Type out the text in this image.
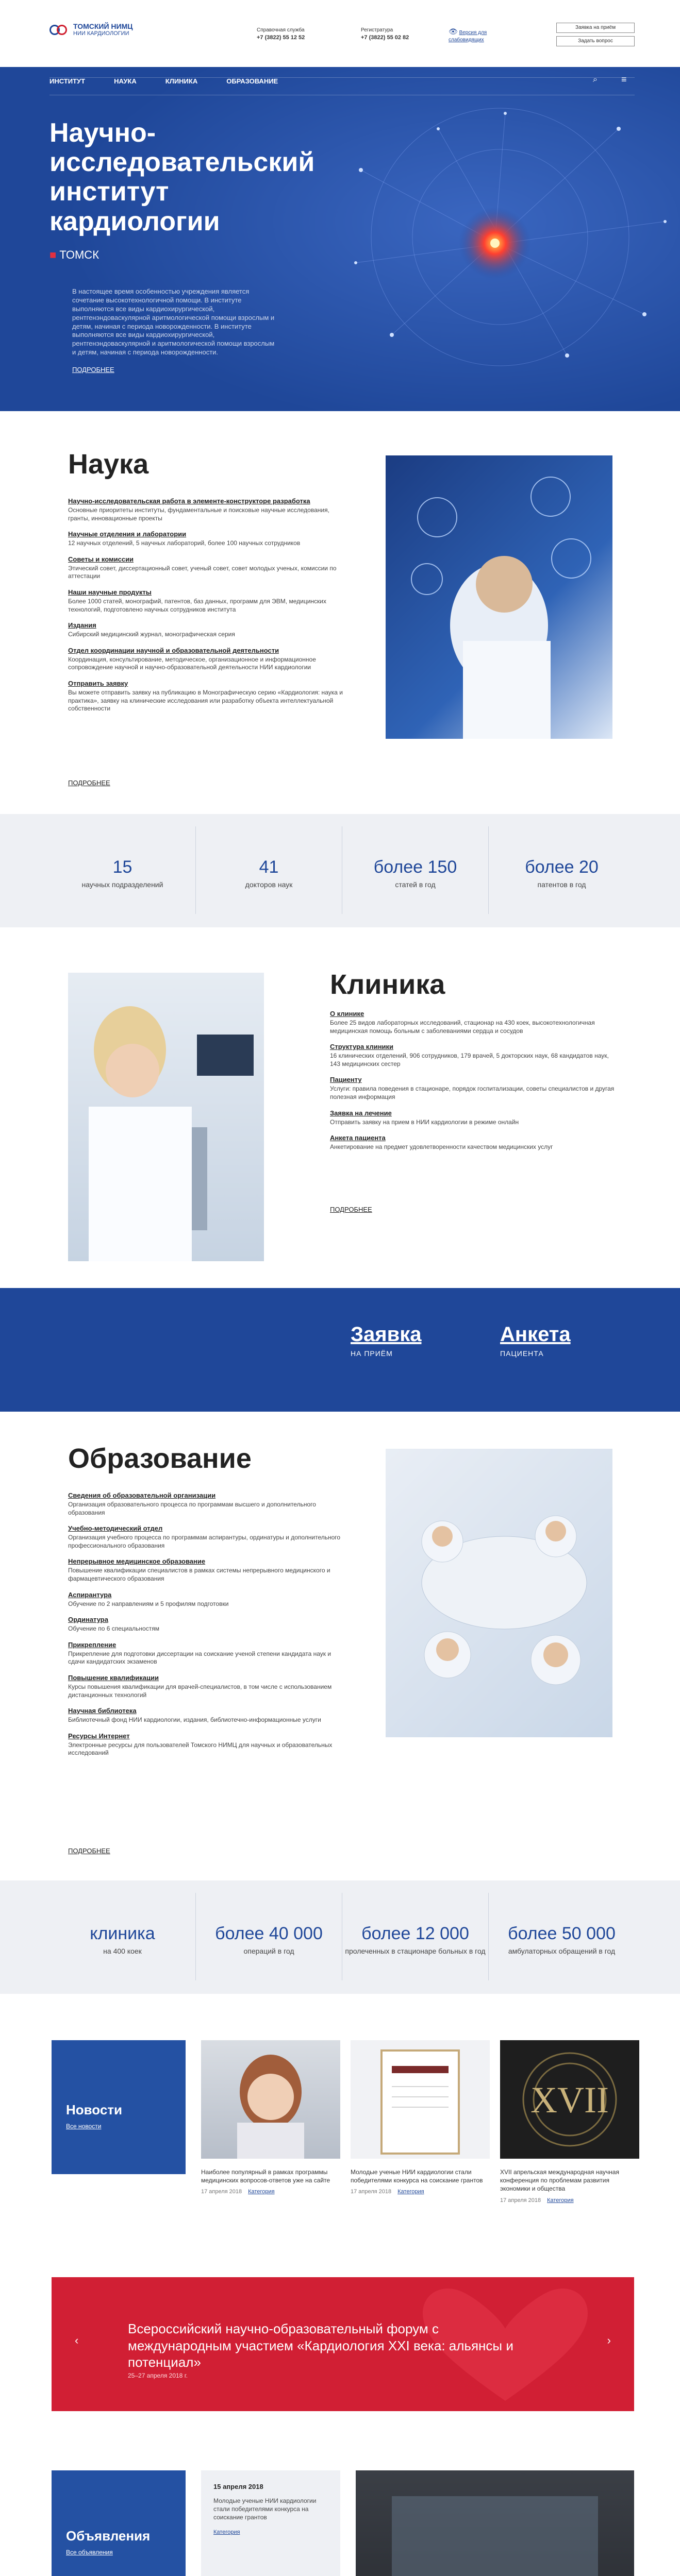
ТОМСКИЙ НИМЦ
НИИ КАРДИОЛОГИИ
Справочная служба
+7 (3822) 55 12 52
Регистратура
+7 (3822) 55 02 82
👁 Версия для слабовидящих
Заявка на приём
Задать вопрос
ИНСТИТУТ	НАУКА	КЛИНИКА	ОБРАЗОВАНИЕ	⌕	≡
Научно-исследовательский институт кардиологии
■ ТОМСК
В настоящее время особенностью учреждения является сочетание высокотехнологичной помощи. В институте выполняются все виды кардиохирургической, рентгенэндоваскулярной аритмологической помощи взрослым и детям, начиная с периода новорожденности. В институте выполняются все виды кардиохирургической, рентгенэндоваскулярной и аритмологической помощи взрослым и детям, начиная с периода новорожденности.
ПОДРОБНЕЕ
Наука
Научно-исследовательская работа в элементе-конструкторе разработка
Основные приоритеты институты, фундаментальные и поисковые научные исследования, гранты, инновационные проекты
Научные отделения и лаборатории
12 научных отделений, 5 научных лабораторий, более 100 научных сотрудников
Советы и комиссии
Этический совет, диссертационный совет, ученый совет, совет молодых ученых, комиссии по аттестации
Наши научные продукты
Более 1000 статей, монографий, патентов, баз данных, программ для ЭВМ, медицинских технологий, подготовлено научных сотрудников института
Издания
Сибирский медицинский журнал, монографическая серия
Отдел координации научной и образовательной деятельности
Координация, консультирование, методическое, организационное и информационное сопровождение научной и научно-образовательной деятельности НИИ кардиологии
Отправить заявку
Вы можете отправить заявку на публикацию в Монографическую серию «Кардиология: наука и практика», заявку на клинические исследования или разработку объекта интеллектуальной собственности
ПОДРОБНЕЕ
15
научных подразделений
41
докторов наук
более 150
статей в год
более 20
патентов в год
Клиника
О клинике
Более 25 видов лабораторных исследований, стационар на 430 коек, высокотехнологичная медицинская помощь больным с заболеваниями сердца и сосудов
Структура клиники
16 клинических отделений, 906 сотрудников, 179 врачей, 5 докторских наук, 68 кандидатов наук, 143 медицинских сестер
Пациенту
Услуги: правила поведения в стационаре, порядок госпитализации, советы специалистов и другая полезная информация
Заявка на лечение
Отправить заявку на прием в НИИ кардиологии в режиме онлайн
Анкета пациента
Анкетирование на предмет удовлетворенности качеством медицинских услуг
ПОДРОБНЕЕ
Заявка
НА ПРИЁМ
Анкета
ПАЦИЕНТА
Образование
Сведения об образовательной организации
Организация образовательного процесса по программам высшего и дополнительного образования
Учебно-методический отдел
Организация учебного процесса по программам аспирантуры, ординатуры и дополнительного профессионального образования
Непрерывное медицинское образование
Повышение квалификации специалистов в рамках системы непрерывного медицинского и фармацевтического образования
Аспирантура
Обучение по 2 направлениям и 5 профилям подготовки
Ординатура
Обучение по 6 специальностям
Прикрепление
Прикрепление для подготовки диссертации на соискание ученой степени кандидата наук и сдачи кандидатских экзаменов
Повышение квалификации
Курсы повышения квалификации для врачей-специалистов, в том числе с использованием дистанционных технологий
Научная библиотека
Библиотечный фонд НИИ кардиологии, издания, библиотечно-информационные услуги
Ресурсы Интернет
Электронные ресурсы для пользователей Томского НИМЦ для научных и образовательных исследований
ПОДРОБНЕЕ
клиника
на 400 коек
более 40 000
операций в год
более 12 000
пролеченных в стационаре больных в год
более 50 000
амбулаторных обращений в год
Новости
Все новости

Наиболее популярный в рамках программы медицинских вопросов-ответов уже на сайте

17 апреля 2018 Категория

Молодые ученые НИИ кардиологии стали победителями конкурса на соискание грантов

17 апреля 2018 Категория
XVII

XVII апрельская международная научная конференция по проблемам развития экономики и общества

17 апреля 2018 Категория
‹	›
Всероссийский научно-образовательный форум с международным участием «Кардиология XXI века: альянсы и потенциал»
25–27 апреля 2018 г.
Объявления
Все объявления
15 апреля 2018
Молодые ученые НИИ кардиологии стали победителями конкурса на соискание грантов
Категория
